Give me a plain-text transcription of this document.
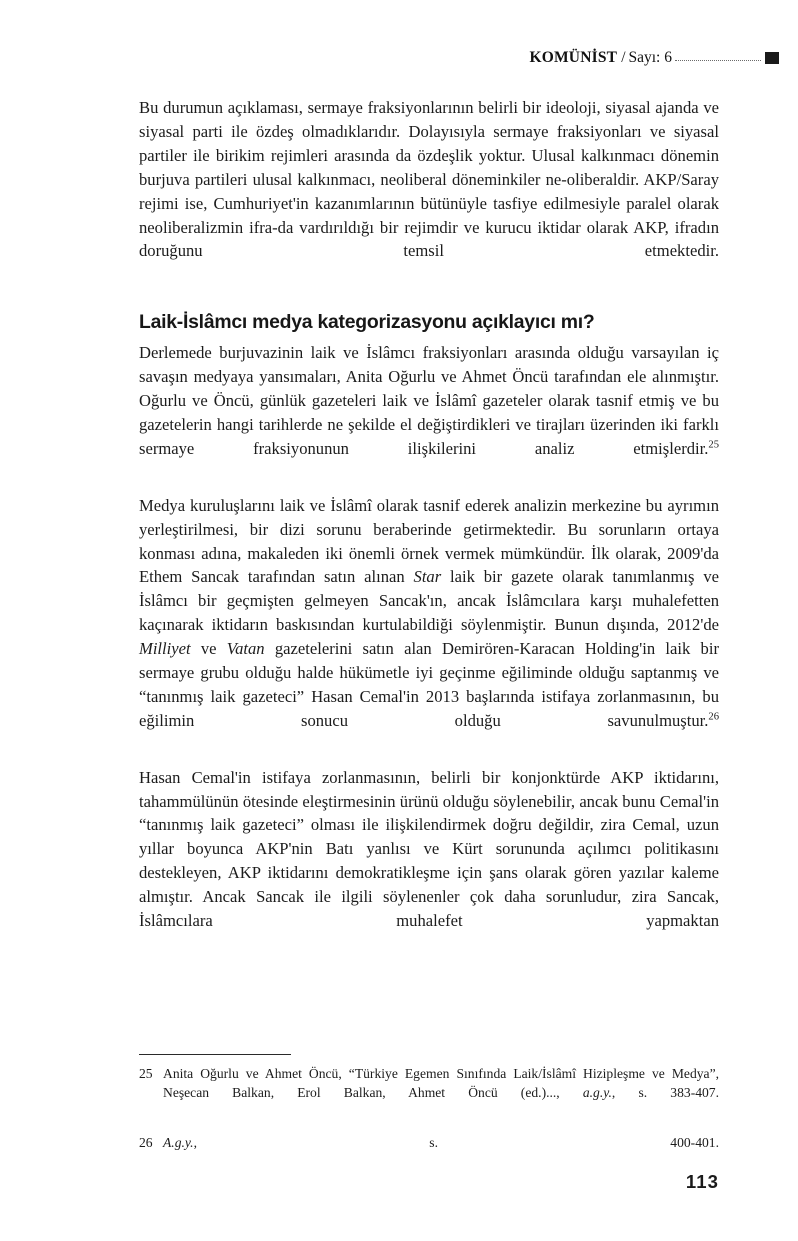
KOMÜNİST / Sayı: 6

Bu durumun açıklaması, sermaye fraksiyonlarının belirli bir ideoloji, siyasal ajanda ve siyasal parti ile özdeş olmadıklarıdır. Dolayısıyla sermaye fraksiyonları ve siyasal partiler ile birikim rejimleri arasında da özdeşlik yoktur. Ulusal kalkınmacı dönemin burjuva partileri ulusal kalkınmacı, neoliberal döneminkiler ne-oliberaldir. AKP/Saray rejimi ise, Cumhuriyet'in kazanımlarının bütünüyle tasfiye edilmesiyle paralel olarak neoliberalizmin ifra-da vardırıldığı bir rejimdir ve kurucu iktidar olarak AKP, ifradın doruğunu temsil etmektedir.

Laik-İslâmcı medya kategorizasyonu açıklayıcı mı?

Derlemede burjuvazinin laik ve İslâmcı fraksiyonları arasında olduğu varsayılan iç savaşın medyaya yansımaları, Anita Oğurlu ve Ahmet Öncü tarafından ele alınmıştır. Oğurlu ve Öncü, günlük gazeteleri laik ve İslâmî gazeteler olarak tasnif etmiş ve bu gazetelerin hangi tarihlerde ne şekilde el değiştirdikleri ve tirajları üzerinden iki farklı sermaye fraksiyonunun ilişkilerini analiz etmişlerdir.$^{25}$

Medya kuruluşlarını laik ve İslâmî olarak tasnif ederek analizin merkezine bu ayrımın yerleştirilmesi, bir dizi sorunu beraberinde getirmektedir. Bu sorunların ortaya konması adına, makaleden iki önemli örnek vermek mümkündür. İlk olarak, 2009'da Ethem Sancak tarafından satın alınan Star laik bir gazete olarak tanımlanmış ve İslâmcı bir geçmişten gelmeyen Sancak'ın, ancak İslâmcılara karşı muhalefetten kaçınarak iktidarın baskısından kurtulabildiği söylenmiştir. Bunun dışında, 2012'de Milliyet ve Vatan gazetelerini satın alan Demirören-Karacan Holding'in laik bir sermaye grubu olduğu halde hükümetle iyi geçinme eğiliminde olduğu saptanmış ve “tanınmış laik gazeteci” Hasan Cemal'in 2013 başlarında istifaya zorlanmasının, bu eğilimin sonucu olduğu savunulmuştur.$^{26}$

Hasan Cemal'in istifaya zorlanmasının, belirli bir konjonktürde AKP iktidarını, tahammülünün ötesinde eleştirmesinin ürünü olduğu söylenebilir, ancak bunu Cemal'in “tanınmış laik gazeteci” olması ile ilişkilendirmek doğru değildir, zira Cemal, uzun yıllar boyunca AKP'nin Batı yanlısı ve Kürt sorununda açılımcı politikasını destekleyen, AKP iktidarını demokratikleşme için şans olarak gören yazılar kaleme almıştır. Ancak Sancak ile ilgili söylenenler çok daha sorunludur, zira Sancak, İslâmcılara muhalefet yapmaktan

25 Anita Oğurlu ve Ahmet Öncü, “Türkiye Egemen Sınıfında Laik/İslâmî Hizipleşme ve Medya”, Neşecan Balkan, Erol Balkan, Ahmet Öncü (ed.)..., a.g.y., s. 383-407.
26 A.g.y., s. 400-401.
113
